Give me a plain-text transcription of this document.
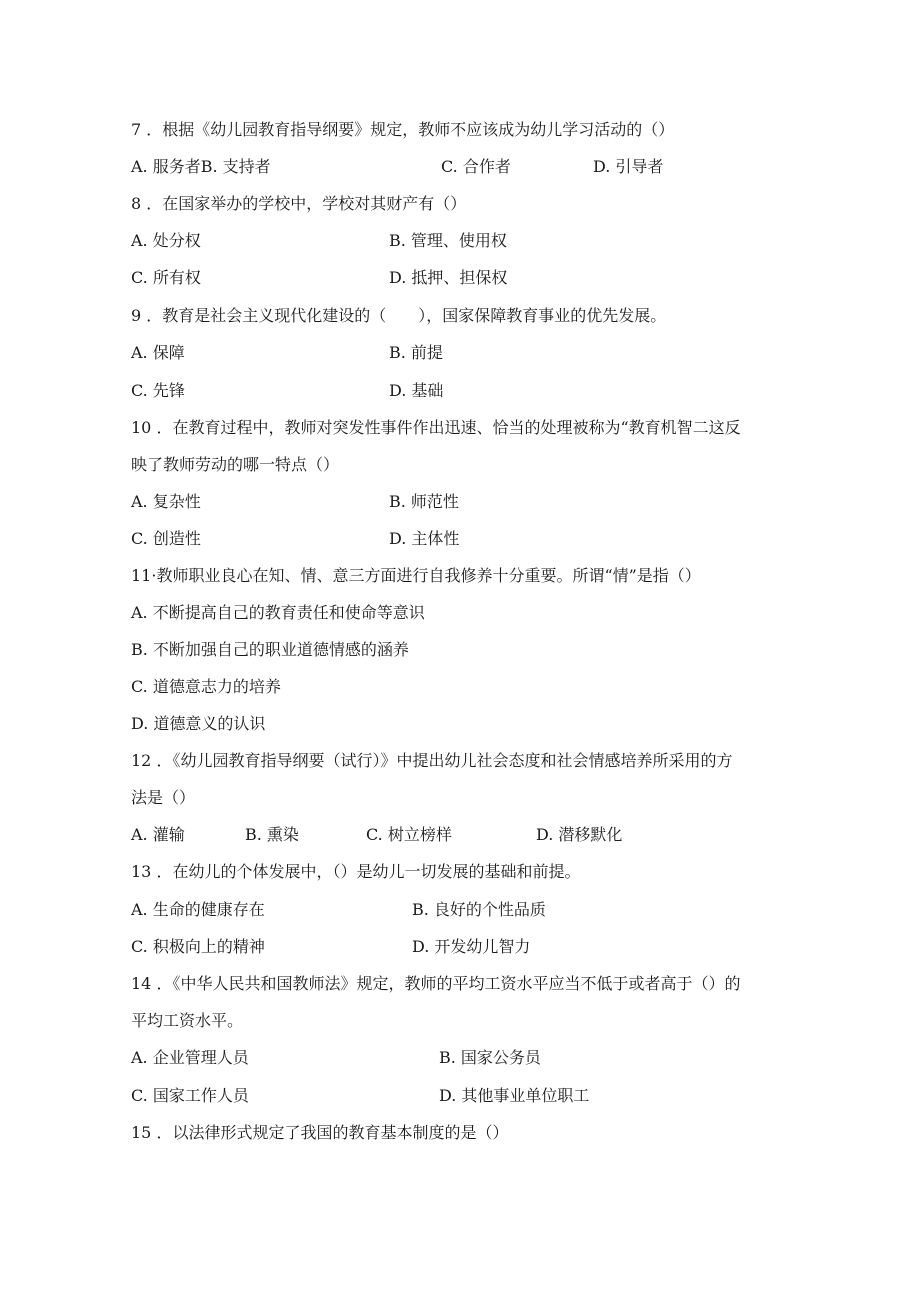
7 ．根据《幼儿园教育指导纲要》规定，教师不应该成为幼儿学习活动的（）
A. 服务者B. 支持者	C. 合作者	D. 引导者
8 ．在国家举办的学校中，学校对其财产有（）
A. 处分权	B. 管理、使用权
C. 所有权	D. 抵押、担保权
9 ．教育是社会主义现代化建设的（　　），国家保障教育事业的优先发展。
A. 保障	B. 前提
C. 先锋	D. 基础
10 ．在教育过程中，教师对突发性事件作出迅速、恰当的处理被称为“教育机智二这反
映了教师劳动的哪一特点（）
A. 复杂性	B. 师范性
C. 创造性	D. 主体性
11·教师职业良心在知、情、意三方面进行自我修养十分重要。所谓“情”是指（）
A. 不断提高自己的教育责任和使命等意识
B. 不断加强自己的职业道德情感的涵养
C. 道德意志力的培养
D. 道德意义的认识
12 ．《幼儿园教育指导纲要（试行）》中提出幼儿社会态度和社会情感培养所采用的方
法是（）
A. 灌输	B. 熏染	C. 树立榜样	D. 潜移默化
13 ．在幼儿的个体发展中，（）是幼儿一切发展的基础和前提。
A. 生命的健康存在	B. 良好的个性品质
C. 积极向上的精神	D. 开发幼儿智力
14 ．《中华人民共和国教师法》规定，教师的平均工资水平应当不低于或者高于（）的
平均工资水平。
A. 企业管理人员	B. 国家公务员
C. 国家工作人员	D. 其他事业单位职工
15 ．以法律形式规定了我国的教育基本制度的是（）
